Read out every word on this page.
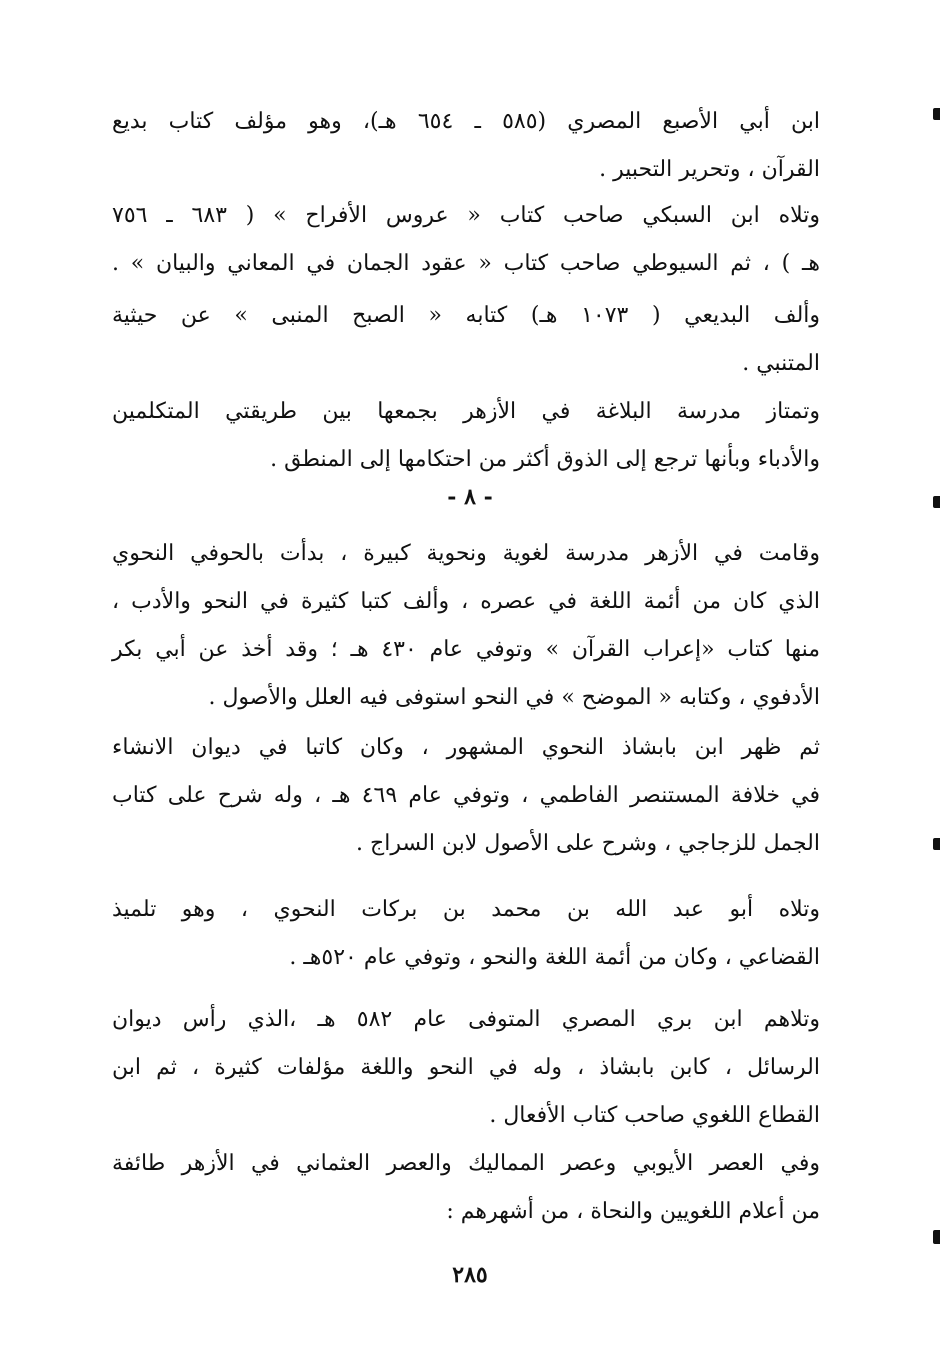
ابن أبي الأصبع المصري (٥٨٥ ـ ٦٥٤ هـ)، وهو مؤلف كتاب بديع
القرآن ، وتحرير التحبير .
وتلاه ابن السبكي صاحب كتاب « عروس الأفراح » ( ٦٨٣ ـ ٧٥٦
هـ ) ، ثم السيوطي صاحب كتاب « عقود الجمان في المعاني والبيان » .
وألف البديعي ( ١٠٧٣ هـ) كتابه « الصبح المنبى » عن حيثية
المتنبي .
وتمتاز مدرسة البلاغة في الأزهر بجمعها بين طريقتي المتكلمين
والأدباء وبأنها ترجع إلى الذوق أكثر من احتكامها إلى المنطق .
- ٨ -
وقامت في الأزهر مدرسة لغوية ونحوية كبيرة ، بدأت بالحوفي النحوي
الذي كان من أئمة اللغة في عصره ، وألف كتبا كثيرة في النحو والأدب ،
منها كتاب «إعراب القرآن » وتوفي عام ٤٣٠ هـ ؛ وقد أخذ عن أبي بكر
الأدفوي ، وكتابه « الموضح » في النحو استوفى فيه العلل والأصول .
ثم ظهر ابن بابشاذ النحوي المشهور ، وكان كاتبا في ديوان الانشاء
في خلافة المستنصر الفاطمي ، وتوفي عام ٤٦٩ هـ ، وله شرح على كتاب
الجمل للزجاجي ، وشرح على الأصول لابن السراج .
وتلاه أبو عبد الله بن محمد بن بركات النحوي ، وهو تلميذ
القضاعي ، وكان من أئمة اللغة والنحو ، وتوفي عام ٥٢٠هـ .
وتلاهم ابن بري المصري المتوفى عام ٥٨٢ هـ ،الذي رأس ديوان
الرسائل ، كابن بابشاذ ، وله في النحو واللغة مؤلفات كثيرة ، ثم ابن
القطاع اللغوي صاحب كتاب الأفعال .
وفي العصر الأيوبي وعصر المماليك والعصر العثماني في الأزهر طائفة
من أعلام اللغويين والنحاة ، من أشهرهم :
٢٨٥
